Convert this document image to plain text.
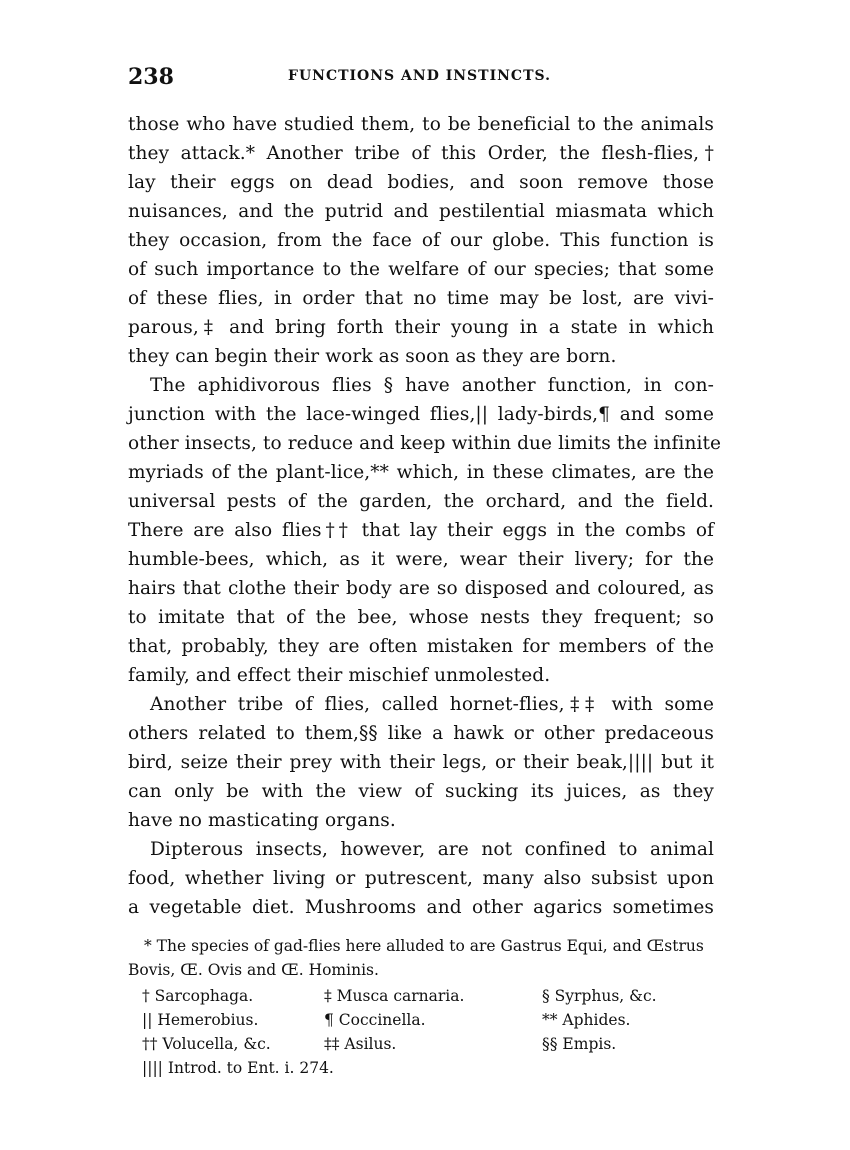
238	FUNCTIONS AND INSTINCTS.
those who have studied them, to be beneficial to the animals
they attack.* Another tribe of this Order, the flesh-flies,†
lay their eggs on dead bodies, and soon remove those
nuisances, and the putrid and pestilential miasmata which
they occasion, from the face of our globe. This function is
of such importance to the welfare of our species; that some
of these flies, in order that no time may be lost, are vivi-
parous,‡ and bring forth their young in a state in which
they can begin their work as soon as they are born.
The aphidivorous flies § have another function, in con-
junction with the lace-winged flies,|| lady-birds,¶ and some
other insects, to reduce and keep within due limits the infinite
myriads of the plant-lice,** which, in these climates, are the
universal pests of the garden, the orchard, and the field.
There are also flies†† that lay their eggs in the combs of
humble-bees, which, as it were, wear their livery; for the
hairs that clothe their body are so disposed and coloured, as
to imitate that of the bee, whose nests they frequent; so
that, probably, they are often mistaken for members of the
family, and effect their mischief unmolested.
Another tribe of flies, called hornet-flies,‡‡ with some
others related to them,§§ like a hawk or other predaceous
bird, seize their prey with their legs, or their beak,|||| but it
can only be with the view of sucking its juices, as they
have no masticating organs.
Dipterous insects, however, are not confined to animal
food, whether living or putrescent, many also subsist upon
a vegetable diet. Mushrooms and other agarics sometimes
* The species of gad-flies here alluded to are Gastrus Equi, and Œstrus
Bovis, Œ. Ovis and Œ. Hominis.
† Sarcophaga.	‡ Musca carnaria.	§ Syrphus, &c.
|| Hemerobius.	¶ Coccinella.	** Aphides.
†† Volucella, &c.	‡‡ Asilus.	§§ Empis.
|||| Introd. to Ent. i. 274.
